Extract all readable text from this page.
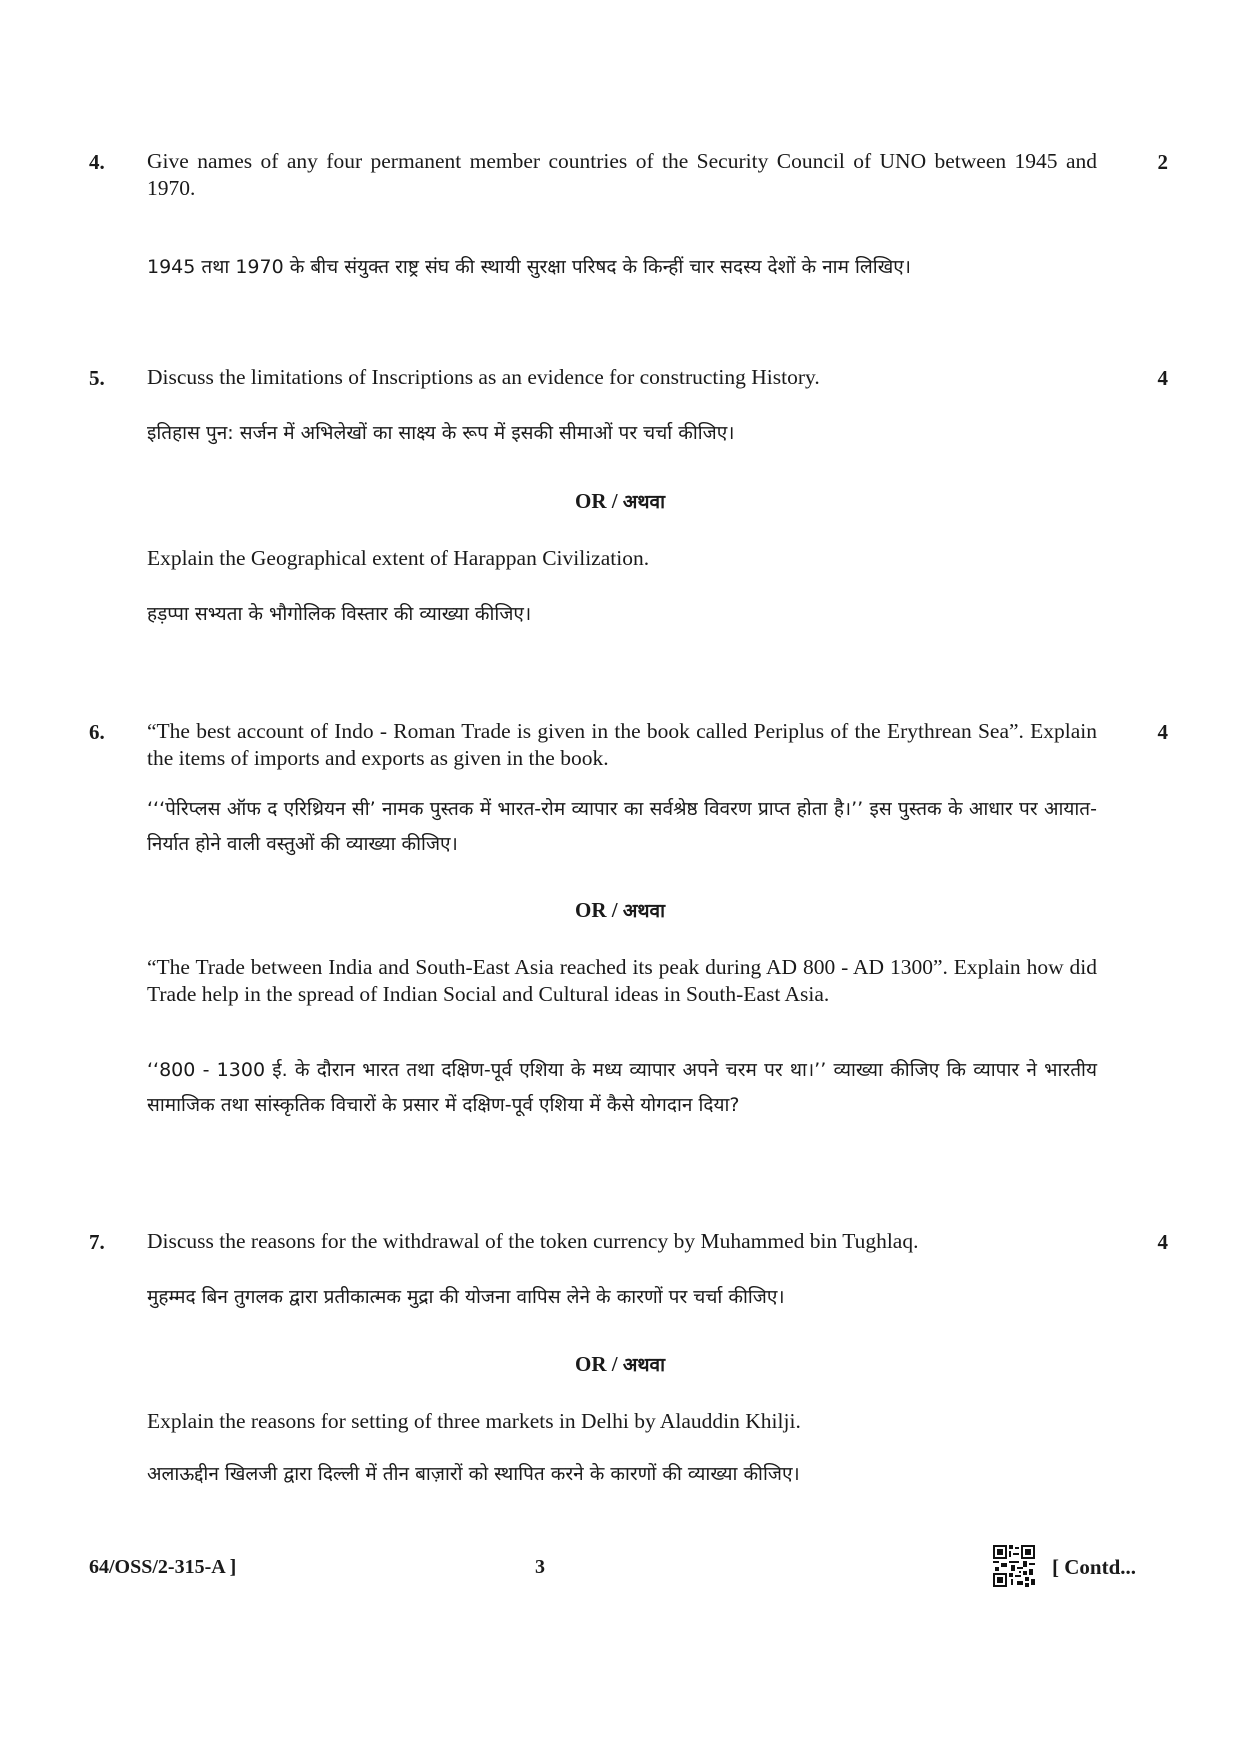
4.	2
Give names of any four permanent member countries of the Security Council of UNO between 1945 and 1970.
1945 तथा 1970 के बीच संयुक्त राष्ट्र संघ की स्थायी सुरक्षा परिषद के किन्हीं चार सदस्य देशों के नाम लिखिए।
5.	4
Discuss the limitations of Inscriptions as an evidence for constructing History.
इतिहास पुन: सर्जन में अभिलेखों का साक्ष्य के रूप में इसकी सीमाओं पर चर्चा कीजिए।
OR / अथवा
Explain the Geographical extent of Harappan Civilization.
हड़प्पा सभ्यता के भौगोलिक विस्तार की व्याख्या कीजिए।
6.	4
“The best account of Indo - Roman Trade is given in the book called Periplus of the Erythrean Sea”. Explain the items of imports and exports as given in the book.
‘‘‘पेरिप्लस ऑफ द एरिथ्रियन सी’ नामक पुस्तक में भारत-रोम व्यापार का सर्वश्रेष्ठ विवरण प्राप्त होता है।’’ इस पुस्तक के आधार पर आयात-निर्यात होने वाली वस्तुओं की व्याख्या कीजिए।
OR / अथवा
“The Trade between India and South-East Asia reached its peak during AD 800 - AD 1300”. Explain how did Trade help in the spread of Indian Social and Cultural ideas in South-East Asia.
‘‘800 - 1300 ई. के दौरान भारत तथा दक्षिण-पूर्व एशिया के मध्य व्यापार अपने चरम पर था।’’ व्याख्या कीजिए कि व्यापार ने भारतीय सामाजिक तथा सांस्कृतिक विचारों के प्रसार में दक्षिण-पूर्व एशिया में कैसे योगदान दिया?
7.	4
Discuss the reasons for the withdrawal of the token currency by Muhammed bin Tughlaq.
मुहम्मद बिन तुगलक द्वारा प्रतीकात्मक मुद्रा की योजना वापिस लेने के कारणों पर चर्चा कीजिए।
OR / अथवा
Explain the reasons for setting of three markets in Delhi by Alauddin Khilji.
अलाऊद्दीन खिलजी द्वारा दिल्ली में तीन बाज़ारों को स्थापित करने के कारणों की व्याख्या कीजिए।
64/OSS/2-315-A ]	3	[ Contd...
